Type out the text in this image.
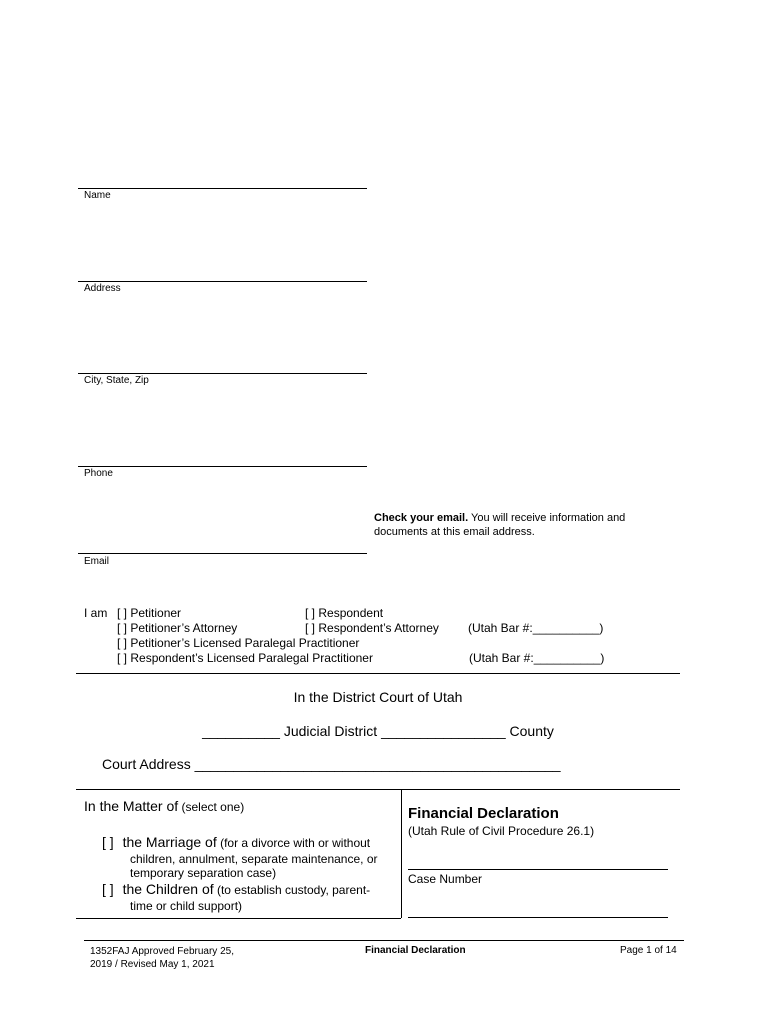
Name
Address
City, State, Zip
Phone
Email
Check your email. You will receive information and
documents at this email address.
I am [ ] Petitioner	[ ] Respondent
[ ] Petitioner’s Attorney	[ ] Respondent’s Attorney (Utah Bar #:__________)
[ ] Petitioner’s Licensed Paralegal Practitioner
[ ] Respondent’s Licensed Paralegal Practitioner	(Utah Bar #:__________)
In the District Court of Utah
__________ Judicial District ________________ County
Court Address _______________________________________________
In the Matter of (select one)
[ ] the Marriage of (for a divorce with or without
children, annulment, separate maintenance, or
temporary separation case)
[ ] the Children of (to establish custody, parent-
time or child support)
Financial Declaration
(Utah Rule of Civil Procedure 26.1)
Case Number
1352FAJ Approved February 25,
2019 / Revised May 1, 2021
Financial Declaration	Page 1 of 14
